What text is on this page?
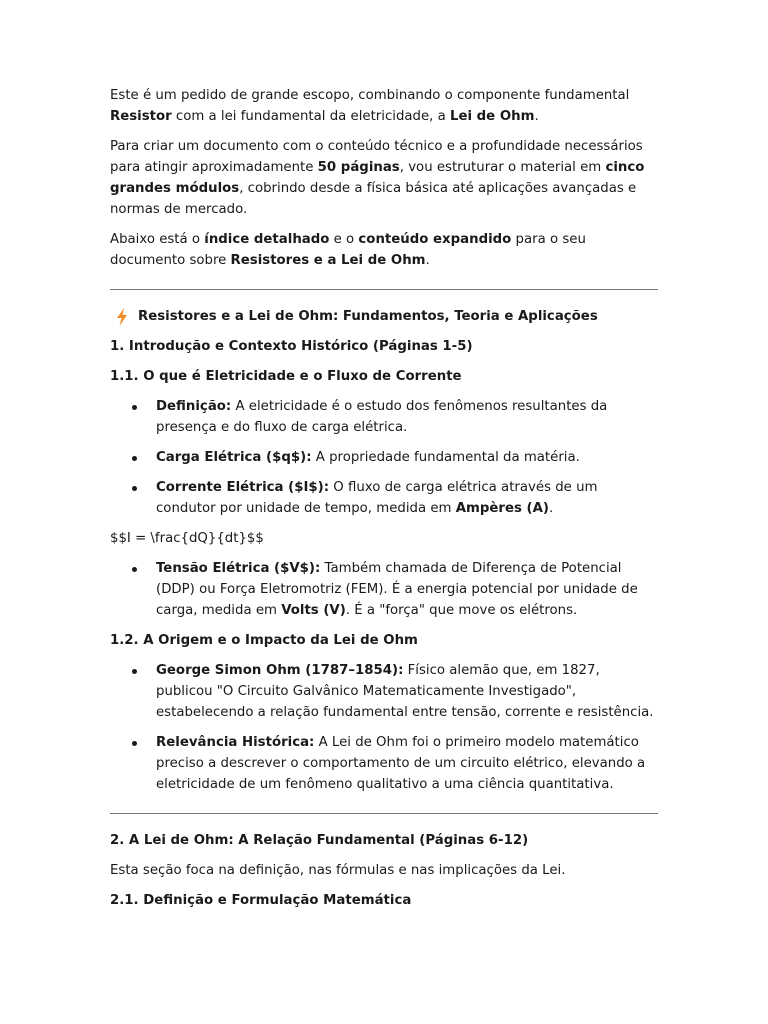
Este é um pedido de grande escopo, combinando o componente fundamental Resistor com a lei fundamental da eletricidade, a Lei de Ohm.

Para criar um documento com o conteúdo técnico e a profundidade necessários para atingir aproximadamente 50 páginas, vou estruturar o material em cinco grandes módulos, cobrindo desde a física básica até aplicações avançadas e normas de mercado.

Abaixo está o índice detalhado e o conteúdo expandido para o seu documento sobre Resistores e a Lei de Ohm.

Resistores e a Lei de Ohm: Fundamentos, Teoria e Aplicações
1. Introdução e Contexto Histórico (Páginas 1-5)
1.1. O que é Eletricidade e o Fluxo de Corrente
Definição: A eletricidade é o estudo dos fenômenos resultantes da presença e do fluxo de carga elétrica.
Carga Elétrica ($q$): A propriedade fundamental da matéria.
Corrente Elétrica ($I$): O fluxo de carga elétrica através de um condutor por unidade de tempo, medida em Ampères (A).

$$I = \frac{dQ}{dt}$$

Tensão Elétrica ($V$): Também chamada de Diferença de Potencial (DDP) ou Força Eletromotriz (FEM). É a energia potencial por unidade de carga, medida em Volts (V). É a "força" que move os elétrons.
1.2. A Origem e o Impacto da Lei de Ohm
George Simon Ohm (1787–1854): Físico alemão que, em 1827, publicou "O Circuito Galvânico Matematicamente Investigado", estabelecendo a relação fundamental entre tensão, corrente e resistência.
Relevância Histórica: A Lei de Ohm foi o primeiro modelo matemático preciso a descrever o comportamento de um circuito elétrico, elevando a eletricidade de um fenômeno qualitativo a uma ciência quantitativa.
2. A Lei de Ohm: A Relação Fundamental (Páginas 6-12)

Esta seção foca na definição, nas fórmulas e nas implicações da Lei.

2.1. Definição e Formulação Matemática
